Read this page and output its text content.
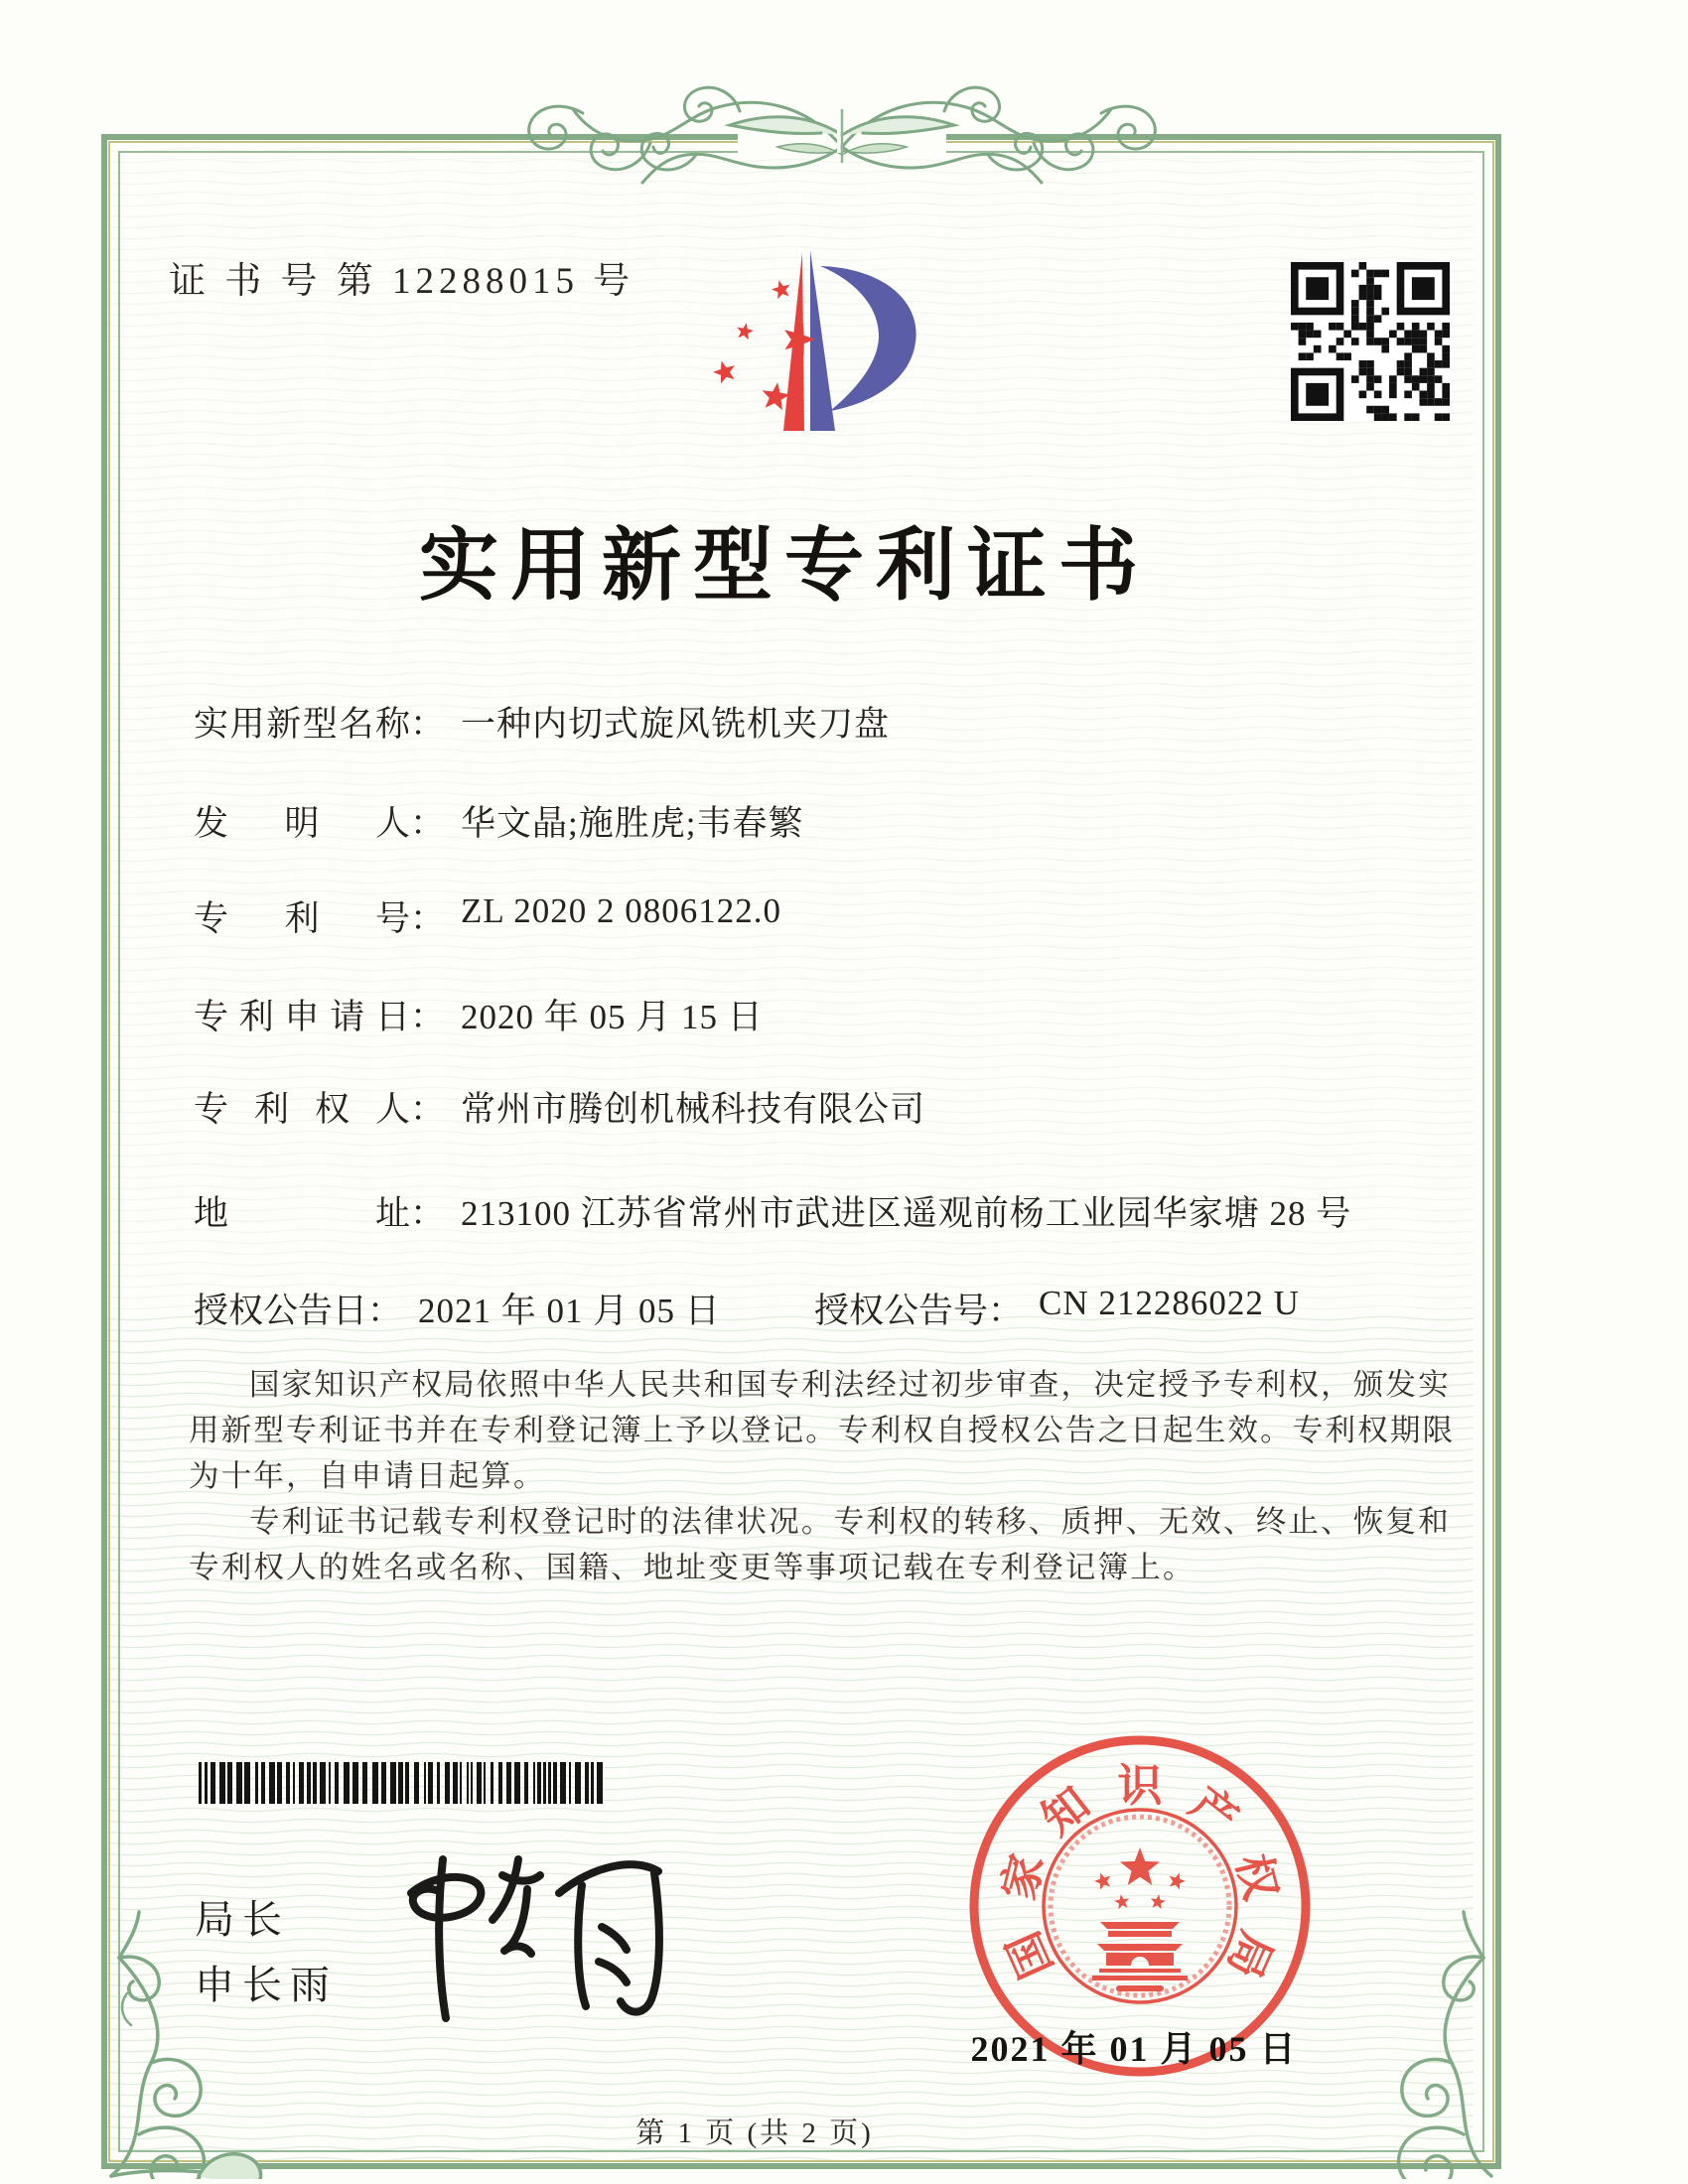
证 书 号 第 12288015 号
实用新型专利证书
实用新型名称： 一种内切式旋风铣机夹刀盘
发明人： 华文晶;施胜虎;韦春繁
专利号： ZL 2020 2 0806122.0
专利申请日： 2020 年 05 月 15 日
专利权人： 常州市腾创机械科技有限公司
地址： 213100 江苏省常州市武进区遥观前杨工业园华家塘 28 号
授权公告日： 2021 年 01 月 05 日	授权公告号： CN 212286022 U

国家知识产权局依照中华人民共和国专利法经过初步审查，决定授予专利权，颁发实用新型专利证书并在专利登记簿上予以登记。专利权自授权公告之日起生效。专利权期限为十年，自申请日起算。

专利证书记载专利权登记时的法律状况。专利权的转移、质押、无效、终止、恢复和专利权人的姓名或名称、国籍、地址变更等事项记载在专利登记簿上。

局长
申长雨	国
家
知 识 产
权
局
2021 年 01 月 05 日
第 1 页 (共 2 页)
